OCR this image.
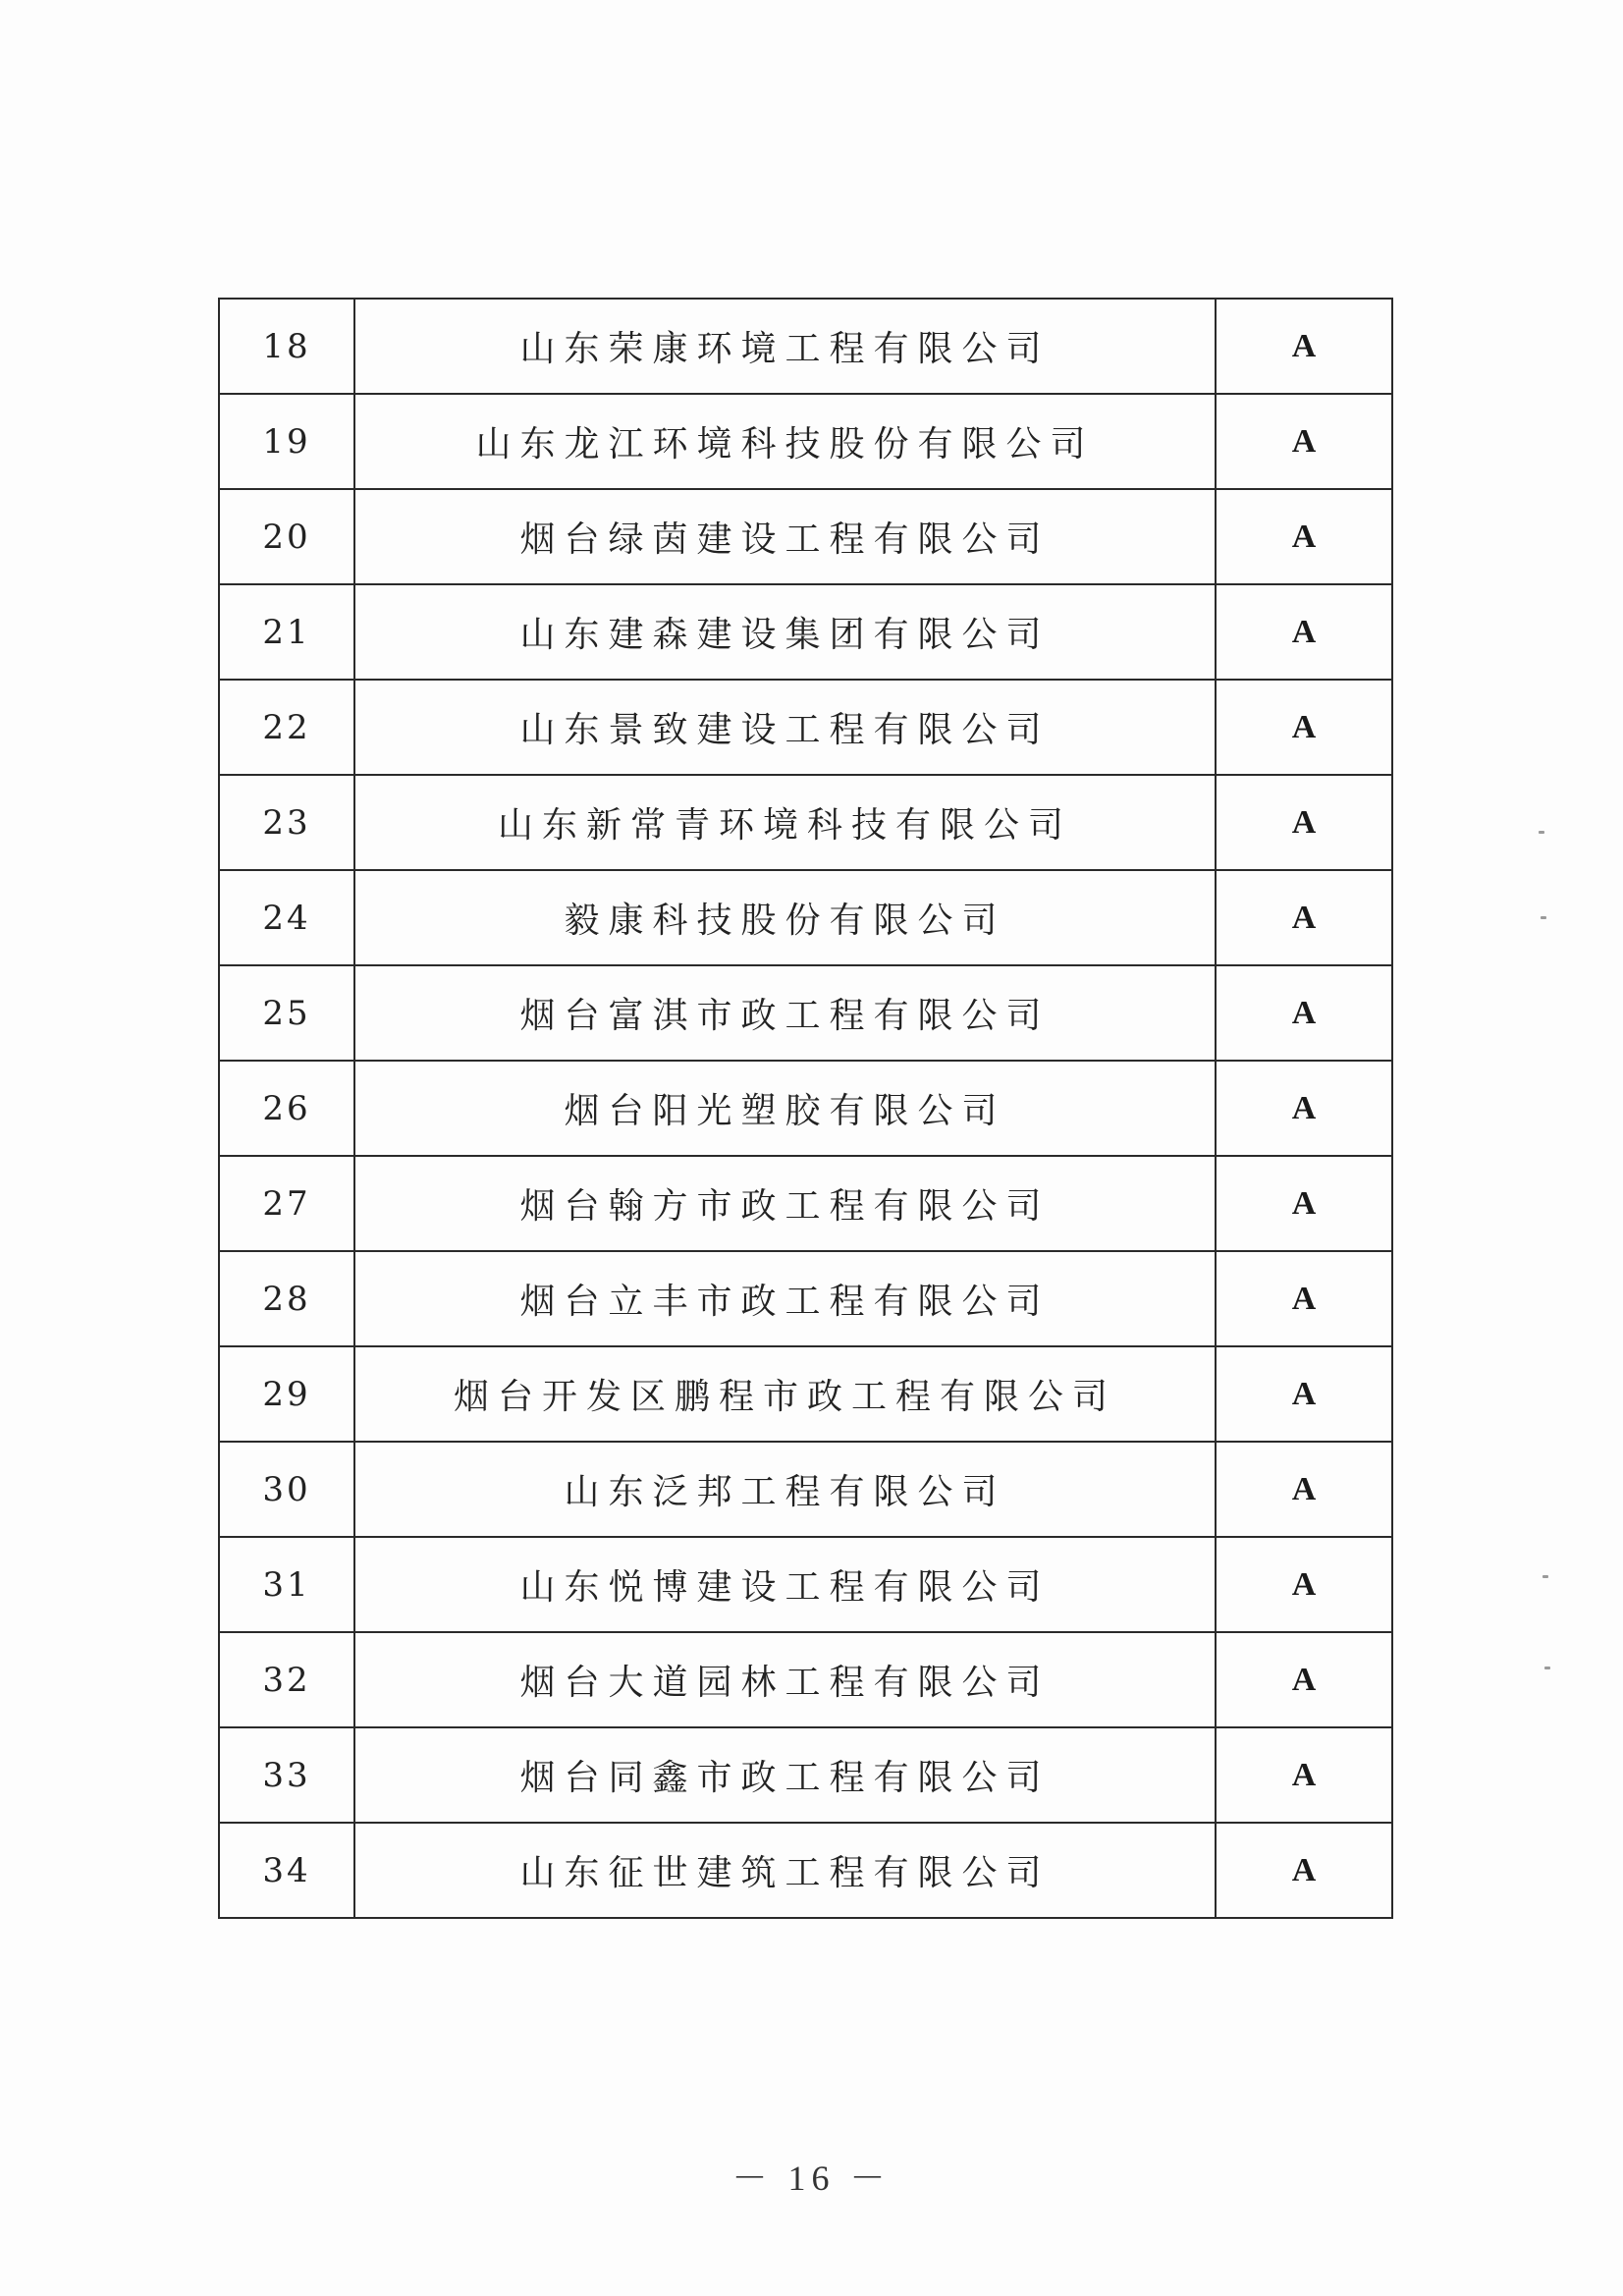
18	山东荣康环境工程有限公司	A
19	山东龙江环境科技股份有限公司	A
20	烟台绿茵建设工程有限公司	A
21	山东建森建设集团有限公司	A
22	山东景致建设工程有限公司	A
23	山东新常青环境科技有限公司	A
24	毅康科技股份有限公司	A
25	烟台富淇市政工程有限公司	A
26	烟台阳光塑胶有限公司	A
27	烟台翰方市政工程有限公司	A
28	烟台立丰市政工程有限公司	A
29	烟台开发区鹏程市政工程有限公司	A
30	山东泛邦工程有限公司	A
31	山东悦博建设工程有限公司	A
32	烟台大道园林工程有限公司	A
33	烟台同鑫市政工程有限公司	A
34	山东征世建筑工程有限公司	A
－ 16 －
